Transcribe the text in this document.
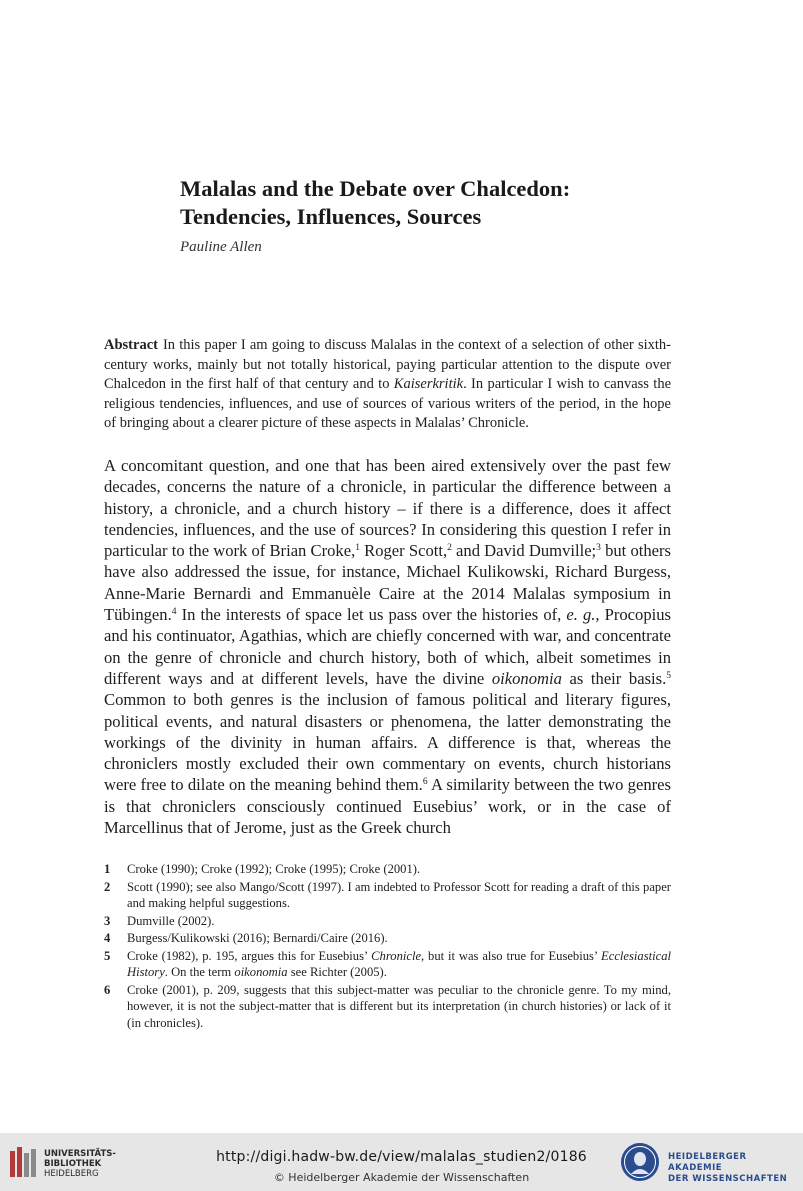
Malalas and the Debate over Chalcedon:
Tendencies, Influences, Sources
Pauline Allen
Abstract In this paper I am going to discuss Malalas in the context of a selection of other sixth-century works, mainly but not totally historical, paying particular attention to the dispute over Chalcedon in the first half of that century and to Kaiserkritik. In particular I wish to canvass the religious tendencies, influences, and use of sources of various writers of the period, in the hope of bringing about a clearer picture of these aspects in Malalas’ Chronicle.
A concomitant question, and one that has been aired extensively over the past few decades, concerns the nature of a chronicle, in particular the difference between a history, a chronicle, and a church history – if there is a difference, does it affect tendencies, influences, and the use of sources? In considering this question I refer in particular to the work of Brian Croke,$^1$ Roger Scott,$^2$ and David Dumville;$^3$ but others have also addressed the issue, for instance, Michael Kulikowski, Richard Burgess, Anne-Marie Bernardi and Emmanuèle Caire at the 2014 Malalas symposium in Tübingen.$^4$ In the interests of space let us pass over the histories of, e. g., Procopius and his continuator, Agathias, which are chiefly concerned with war, and concentrate on the genre of chronicle and church history, both of which, albeit sometimes in different ways and at different levels, have the divine oikonomia as their basis.$^5$ Common to both genres is the inclusion of famous political and literary figures, political events, and natural disasters or phenomena, the latter demonstrating the workings of the divinity in human affairs. A difference is that, whereas the chroniclers mostly excluded their own commentary on events, church historians were free to dilate on the meaning behind them.$^6$ A similarity between the two genres is that chroniclers consciously continued Eusebius’ work, or in the case of Marcellinus that of Jerome, just as the Greek church
1	Croke (1990); Croke (1992); Croke (1995); Croke (2001).
2	Scott (1990); see also Mango/Scott (1997). I am indebted to Professor Scott for reading a draft of this paper and making helpful suggestions.
3	Dumville (2002).
4	Burgess/Kulikowski (2016); Bernardi/Caire (2016).
5	Croke (1982), p. 195, argues this for Eusebius’ Chronicle, but it was also true for Eusebius’ Ecclesiastical History. On the term oikonomia see Richter (2005).
6	Croke (2001), p. 209, suggests that this subject-matter was peculiar to the chronicle genre. To my mind, however, it is not the subject-matter that is different but its interpretation (in church histories) or lack of it (in chronicles).
UNIVERSITÄTS-
BIBLIOTHEK
HEIDELBERG
http://digi.hadw-bw.de/view/malalas_studien2/0186
© Heidelberger Akademie der Wissenschaften
HEIDELBERGER AKADEMIE
DER WISSENSCHAFTEN
